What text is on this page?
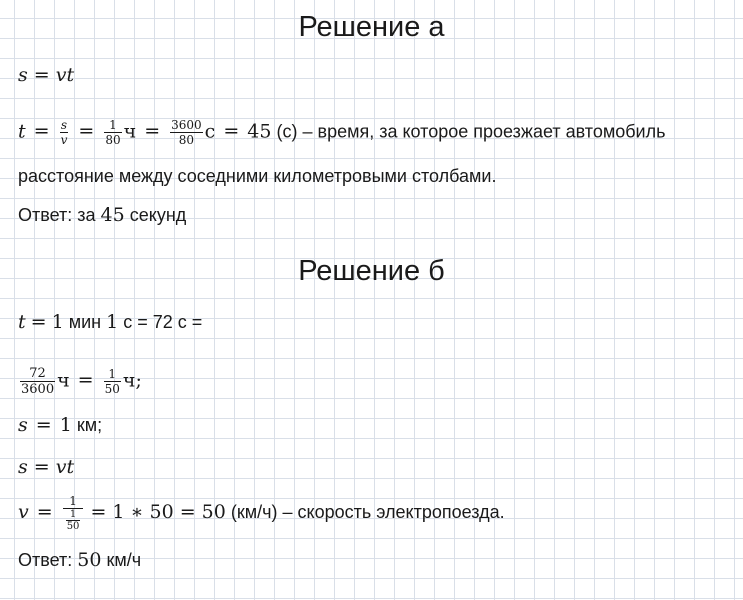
Решение а
s = vt
$t = \frac{s}{v} = \frac{1}{80}$ $ч = \frac{3600}{80}$ с = 45 (с) – время, за которое проезжает автомобиль
расстояние между соседними километровыми столбами.
Ответ: за 45 секунд
Решение б
t = 1 мин 1 с = 72 с =
$\frac{72}{3600}$ $ч = \frac{1}{50} ч$;
s = 1 км;
s = vt
$v = \frac{1}{\frac{1}{50}} = 1$ ∗ 50 = 50 (км/ч) – скорость электропоезда.
Ответ: 50 км/ч
